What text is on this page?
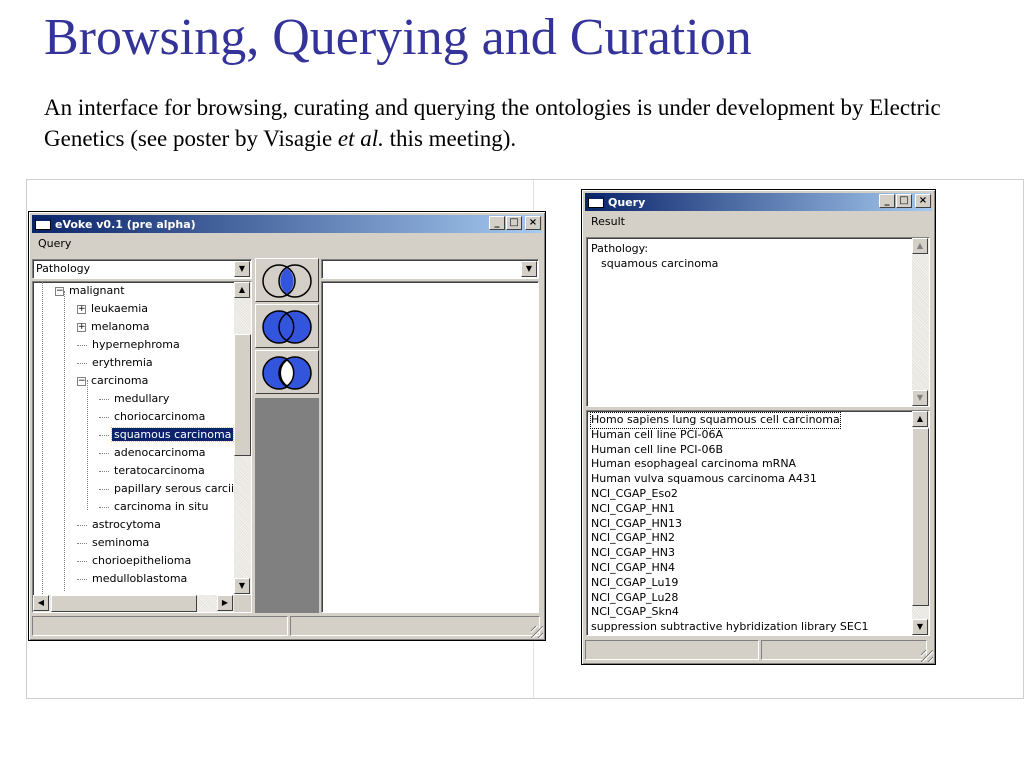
Browsing, Querying and Curation
An interface for browsing, curating and querying the ontologies is under development by Electric Genetics (see poster by Visagie et al. this meeting).
eVoke v0.1 (pre alpha)	_ □	×
Query
Pathology	▼
− malignant
+ leukaemia
+ melanoma
hypernephroma
erythremia
− carcinoma
medullary
choriocarcinoma
squamous carcinoma
adenocarcinoma
teratocarcinoma
papillary serous carcii
carcinoma in situ
astrocytoma
seminoma
chorioepithelioma
medulloblastoma
▲
▼
◀	▶
▼
Query	_ □	×
Result
Pathology:
squamous carcinoma
▲
▼
Homo sapiens lung squamous cell carcinoma
Human cell line PCI-06A
Human cell line PCI-06B
Human esophageal carcinoma mRNA
Human vulva squamous carcinoma A431
NCI_CGAP_Eso2
NCI_CGAP_HN1
NCI_CGAP_HN13
NCI_CGAP_HN2
NCI_CGAP_HN3
NCI_CGAP_HN4
NCI_CGAP_Lu19
NCI_CGAP_Lu28
NCI_CGAP_Skn4
suppression subtractive hybridization library SEC1
▲
▼
